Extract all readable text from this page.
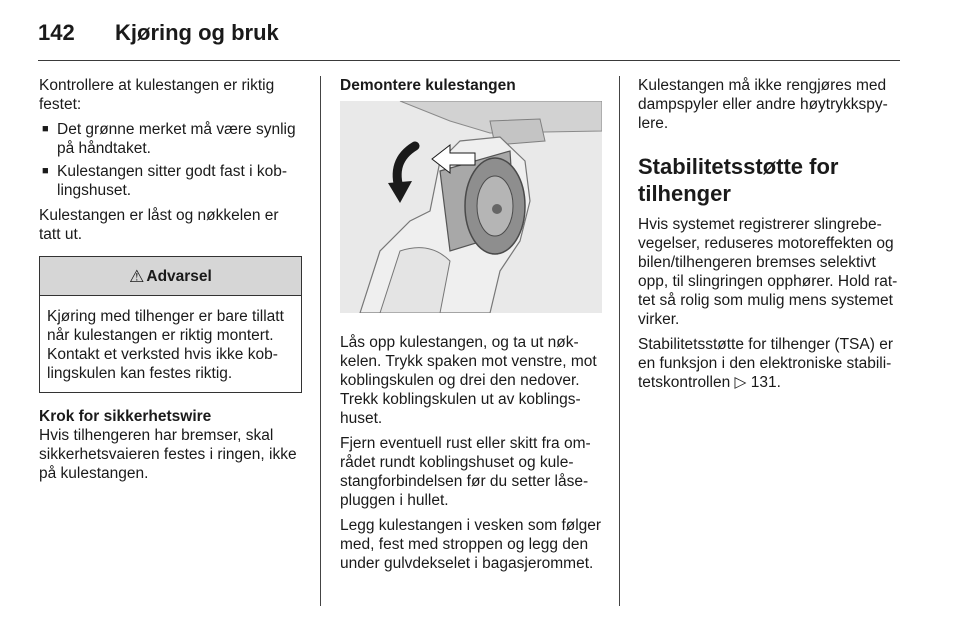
142 Kjøring og bruk

Kontrollere at kulestangen er riktig festet:

■ Det grønne merket må være synlig på håndtaket.
■ Kulestangen sitter godt fast i koblingshuset.

Kulestangen er låst og nøkkelen er tatt ut.

⚠ Advarsel
Kjøring med tilhenger er bare tillatt når kulestangen er riktig montert. Kontakt et verksted hvis ikke koblingskulen kan festes riktig.

Krok for sikkerhetswire

Hvis tilhengeren har bremser, skal sikkerhetsvaieren festes i ringen, ikke på kulestangen.

Demontere kulestangen

Lås opp kulestangen, og ta ut nøkkelen. Trykk spaken mot venstre, mot koblingskulen og drei den nedover. Trekk koblingskulen ut av koblingshuset.

Fjern eventuell rust eller skitt fra området rundt koblingshuset og kulestangforbindelsen før du setter låsepluggen i hullet.

Legg kulestangen i vesken som følger med, fest med stroppen og legg den under gulvdekselet i bagasjerommet.

Kulestangen må ikke rengjøres med dampspyler eller andre høytrykkspylere.

Stabilitetsstøtte for tilhenger

Hvis systemet registrerer slingrebevegelser, reduseres motoreffekten og bilen/tilhengeren bremses selektivt opp, til slingringen opphører. Hold rattet så rolig som mulig mens systemet virker.

Stabilitetsstøtte for tilhenger (TSA) er en funksjon i den elektroniske stabilitetskontrollen ▷ 131.
